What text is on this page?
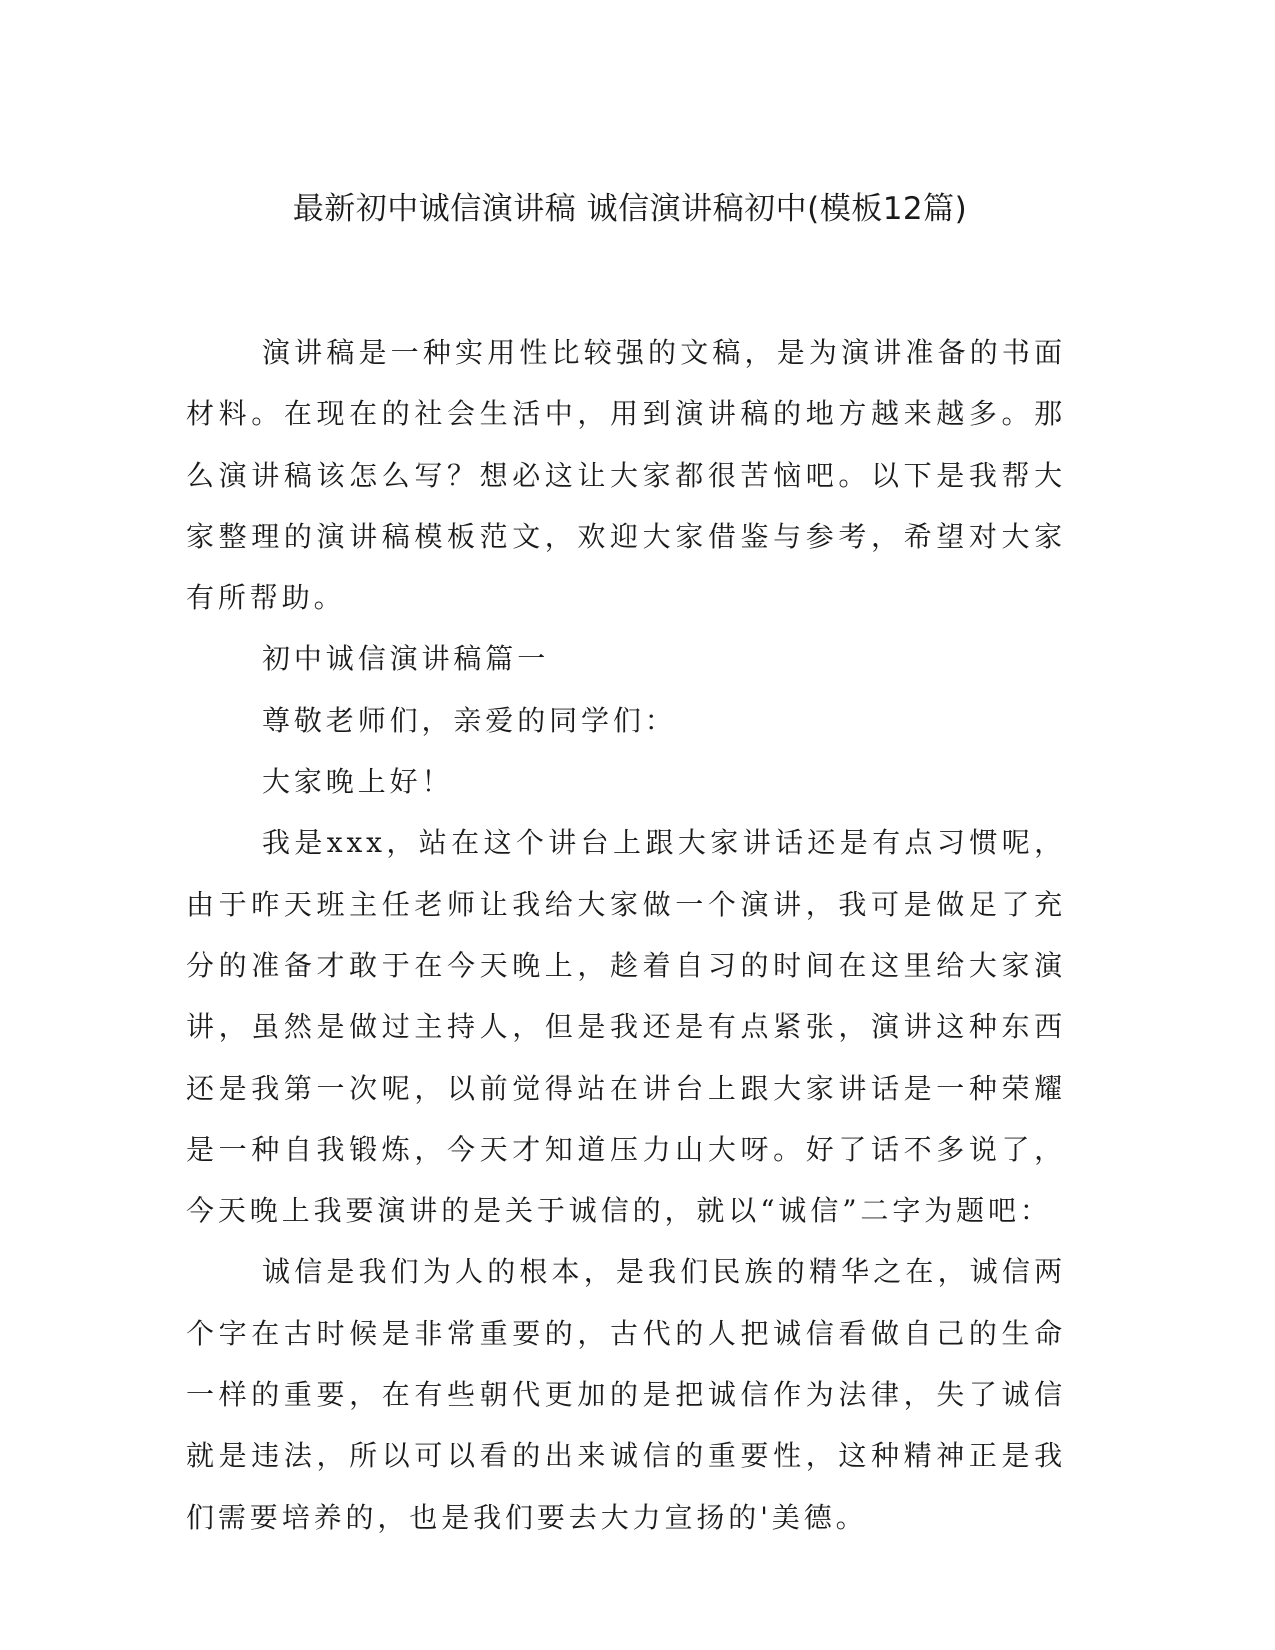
最新初中诚信演讲稿 诚信演讲稿初中(模板12篇)

演讲稿是一种实用性比较强的文稿，是为演讲准备的书面材料。在现在的社会生活中，用到演讲稿的地方越来越多。那么演讲稿该怎么写？想必这让大家都很苦恼吧。以下是我帮大家整理的演讲稿模板范文，欢迎大家借鉴与参考，希望对大家有所帮助。

初中诚信演讲稿篇一

尊敬老师们，亲爱的同学们：

大家晚上好！

我是xxx，站在这个讲台上跟大家讲话还是有点习惯呢，由于昨天班主任老师让我给大家做一个演讲，我可是做足了充分的准备才敢于在今天晚上，趁着自习的时间在这里给大家演讲，虽然是做过主持人，但是我还是有点紧张，演讲这种东西还是我第一次呢，以前觉得站在讲台上跟大家讲话是一种荣耀是一种自我锻炼，今天才知道压力山大呀。好了话不多说了，今天晚上我要演讲的是关于诚信的，就以“诚信”二字为题吧：

诚信是我们为人的根本，是我们民族的精华之在，诚信两个字在古时候是非常重要的，古代的人把诚信看做自己的生命一样的重要，在有些朝代更加的是把诚信作为法律，失了诚信就是违法，所以可以看的出来诚信的重要性，这种精神正是我们需要培养的，也是我们要去大力宣扬的'美德。
